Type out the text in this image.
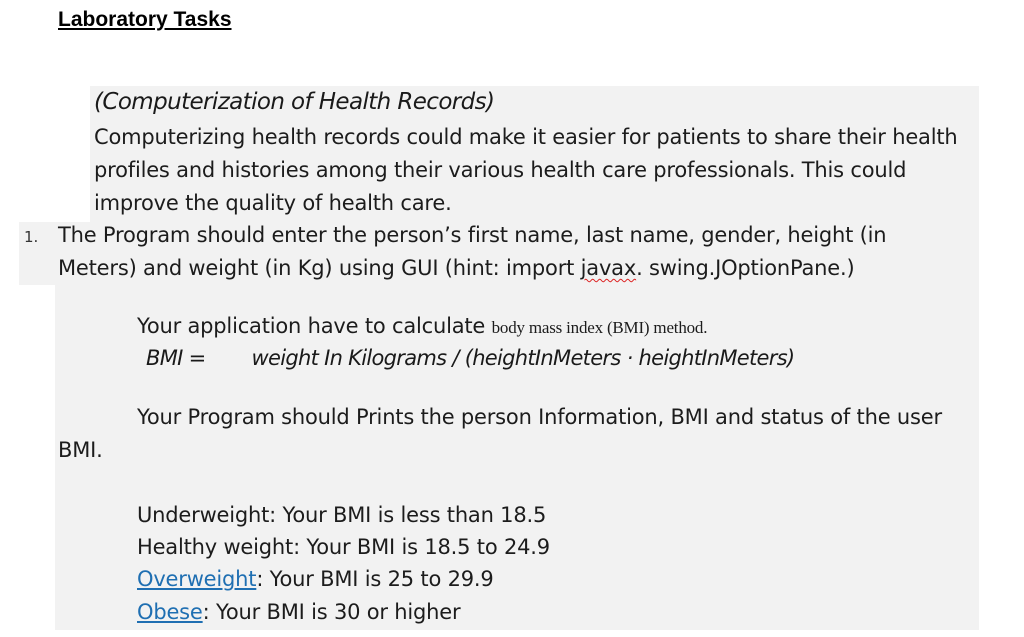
Laboratory Tasks
(Computerization of Health Records)
Computerizing health records could make it easier for patients to share their health
profiles and histories among their various health care professionals. This could
improve the quality of health care.
1. The Program should enter the person’s first name, last name, gender, height (in
Meters) and weight (in Kg) using GUI (hint: import javax. swing.JOptionPane.)
Your application have to calculate body mass index (BMI) method.
BMI = weight In Kilograms / (heightInMeters · heightInMeters)
Your Program should Prints the person Information, BMI and status of the user
BMI.
Underweight: Your BMI is less than 18.5
Healthy weight: Your BMI is 18.5 to 24.9
Overweight: Your BMI is 25 to 29.9
Obese: Your BMI is 30 or higher
